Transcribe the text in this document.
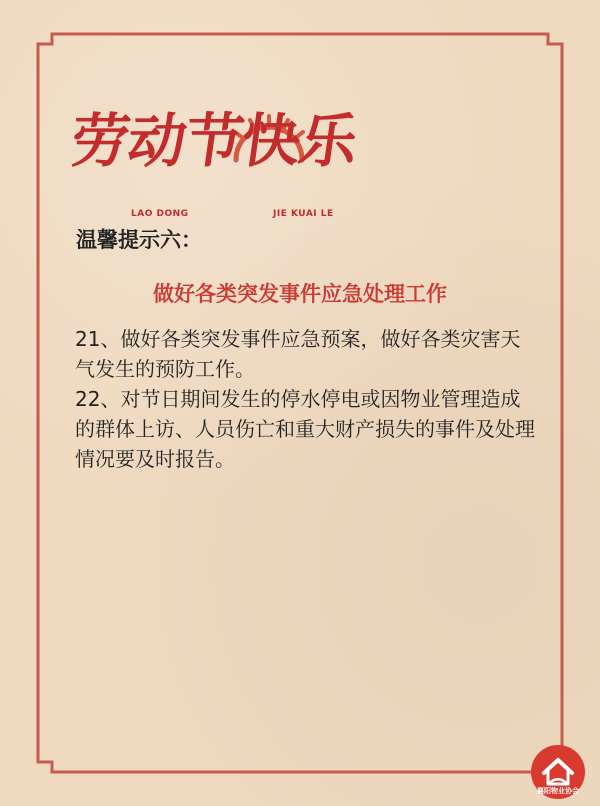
劳动节快乐
LAO DONG	JIE KUAI LE
温馨提示六：
做好各类突发事件应急处理工作

21、做好各类突发事件应急预案，做好各类灾害天气发生的预防工作。

22、对节日期间发生的停水停电或因物业管理造成的群体上访、人员伤亡和重大财产损失的事件及处理情况要及时报告。

襄阳物业协会
